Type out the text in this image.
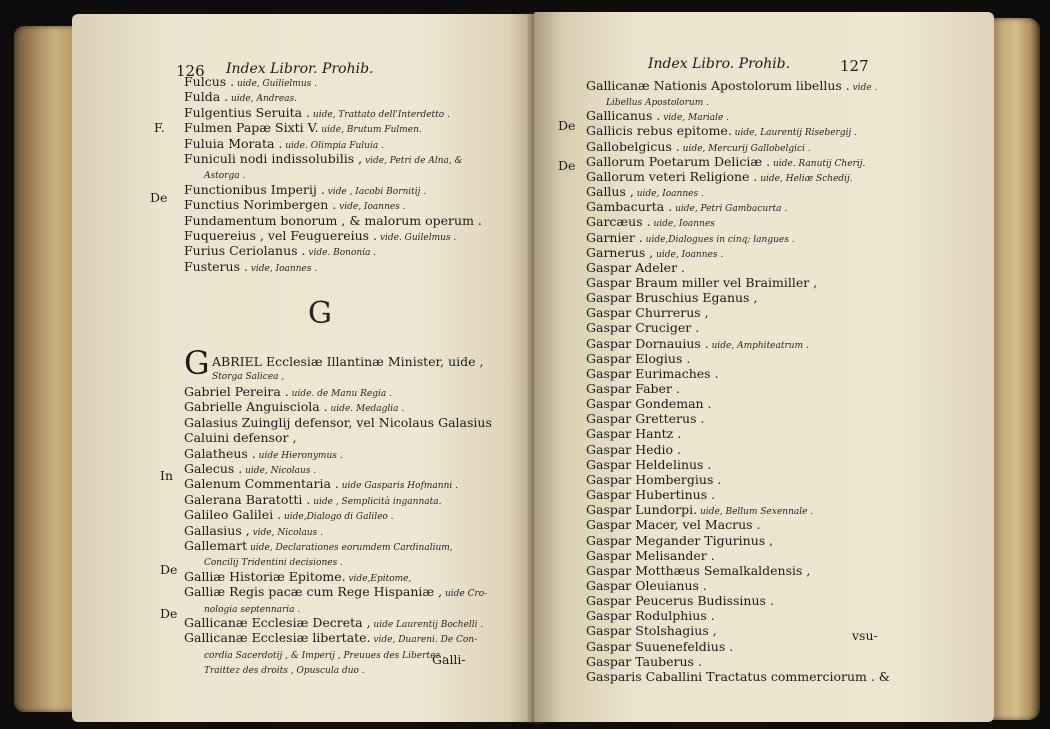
126 Index Libror. Prohib.
Fulcus . uide, Guilielmus .
Fulda . uide, Andreas.
Fulgentius Seruita . uide, Trattato dell'Interdetto .
Fulmen Papæ Sixti V. uide, Brutum Fulmen.
Fuluia Morata . uide. Olimpia Fuluia .
Funiculi nodi indissolubilis , vide, Petri de Alna, &
Astorga .
Functionibus Imperij . vide , Iacobi Bornitij .
Functius Norimbergen . vide, Ioannes .
Fundamentum bonorum , & malorum operum .
Fuquereius , vel Feuguereius . vide. Guilelmus .
Furius Ceriolanus . vide. Bononia .
Fusterus . vide, Ioannes .
F.
De
G
G ABRIEL Ecclesiæ Illantinæ Minister, uide ,
Storga Salicea ,
Gabriel Pereira . uide. de Manu Regia .
Gabrielle Anguisciola . uide. Medaglia .
Galasius Zuinglij defensor, vel Nicolaus Galasius
Caluini defensor ,
Galatheus . uide Hieronymus .
Galecus . uide, Nicolaus .
Galenum Commentaria . uide Gasparis Hofmanni .
Galerana Baratotti . uide , Semplicità ingannata.
Galileo Galilei . uide,Dialogo di Galileo .
Gallasius , vide, Nicolaus .
Gallemart uide, Declarationes eorumdem Cardinalium,
Concilij Tridentini decisiones .
Galliæ Historiæ Epitome. vide,Epitome,
Galliæ Regis pacæ cum Rege Hispaniæ , uide Cro-
nologia septennaria .
Gallicanæ Ecclesiæ Decreta , uide Laurentij Bochelli .
Gallicanæ Ecclesiæ libertate. vide, Duareni. De Con-
cordia Sacerdotij , & Imperij , Preuues des Libertez .
Traittez des droits , Opuscula duo .
In
De
De
Galli-
Index Libro. Prohib.	127
De
De
Gallicanæ Nationis Apostolorum libellus . vide .
Libellus Apostolorum .
Gallicanus . vide, Mariale .
Gallicis rebus epitome. uide, Laurentij Risebergij .
Gallobelgicus . uide, Mercurij Gallobelgici .
Gallorum Poetarum Deliciæ . uide. Ranutij Cherij.
Gallorum veteri Religione . uide, Heliæ Schedij.
Gallus , uide, Ioannes .
Gambacurta . uide, Petri Gambacurta .
Garcæus . uide, Ioannes
Garnier . uide,Dialogues in cinq; langues .
Garnerus , uide, Ioannes .
Gaspar Adeler .
Gaspar Braum miller vel Braimiller ,
Gaspar Bruschius Eganus ,
Gaspar Churrerus ,
Gaspar Cruciger .
Gaspar Dornauius . uide, Amphiteatrum .
Gaspar Elogius .
Gaspar Eurimaches .
Gaspar Faber .
Gaspar Gondeman .
Gaspar Gretterus .
Gaspar Hantz .
Gaspar Hedio .
Gaspar Heldelinus .
Gaspar Hombergius .
Gaspar Hubertinus .
Gaspar Lundorpi. uide, Bellum Sexennale .
Gaspar Macer, vel Macrus .
Gaspar Megander Tigurinus ,
Gaspar Melisander .
Gaspar Motthæus Semalkaldensis ,
Gaspar Oleuianus .
Gaspar Peucerus Budissinus .
Gaspar Rodulphius .
Gaspar Stolshagius ,
Gaspar Suuenefeldius .
Gaspar Tauberus .
Gasparis Caballini Tractatus commerciorum . &
vsu-
